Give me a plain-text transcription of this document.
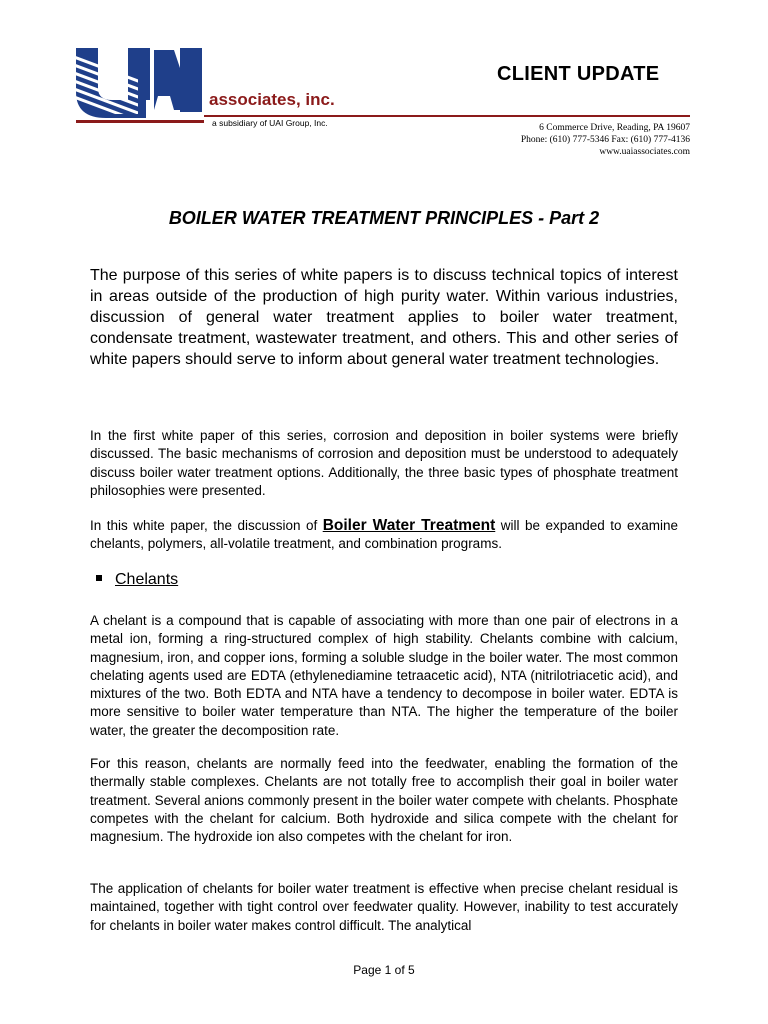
associates, inc.
a subsidiary of UAI Group, Inc.
CLIENT UPDATE
6 Commerce Drive, Reading, PA 19607
Phone: (610) 777-5346 Fax: (610) 777-4136
www.uaiassociates.com
BOILER WATER TREATMENT PRINCIPLES - Part 2
The purpose of this series of white papers is to discuss technical topics of interest in areas outside of the production of high purity water. Within various industries, discussion of general water treatment applies to boiler water treatment, condensate treatment, wastewater treatment, and others. This and other series of white papers should serve to inform about general water treatment technologies.
In the first white paper of this series, corrosion and deposition in boiler systems were briefly discussed. The basic mechanisms of corrosion and deposition must be understood to adequately discuss boiler water treatment options. Additionally, the three basic types of phosphate treatment philosophies were presented.
In this white paper, the discussion of Boiler Water Treatment will be expanded to examine chelants, polymers, all-volatile treatment, and combination programs.
Chelants
A chelant is a compound that is capable of associating with more than one pair of electrons in a metal ion, forming a ring-structured complex of high stability. Chelants combine with calcium, magnesium, iron, and copper ions, forming a soluble sludge in the boiler water. The most common chelating agents used are EDTA (ethylenediamine tetraacetic acid), NTA (nitrilotriacetic acid), and mixtures of the two. Both EDTA and NTA have a tendency to decompose in boiler water. EDTA is more sensitive to boiler water temperature than NTA. The higher the temperature of the boiler water, the greater the decomposition rate.
For this reason, chelants are normally feed into the feedwater, enabling the formation of the thermally stable complexes. Chelants are not totally free to accomplish their goal in boiler water treatment. Several anions commonly present in the boiler water compete with chelants. Phosphate competes with the chelant for calcium. Both hydroxide and silica compete with the chelant for magnesium. The hydroxide ion also competes with the chelant for iron.
The application of chelants for boiler water treatment is effective when precise chelant residual is maintained, together with tight control over feedwater quality. However, inability to test accurately for chelants in boiler water makes control difficult. The analytical
Page 1 of 5
